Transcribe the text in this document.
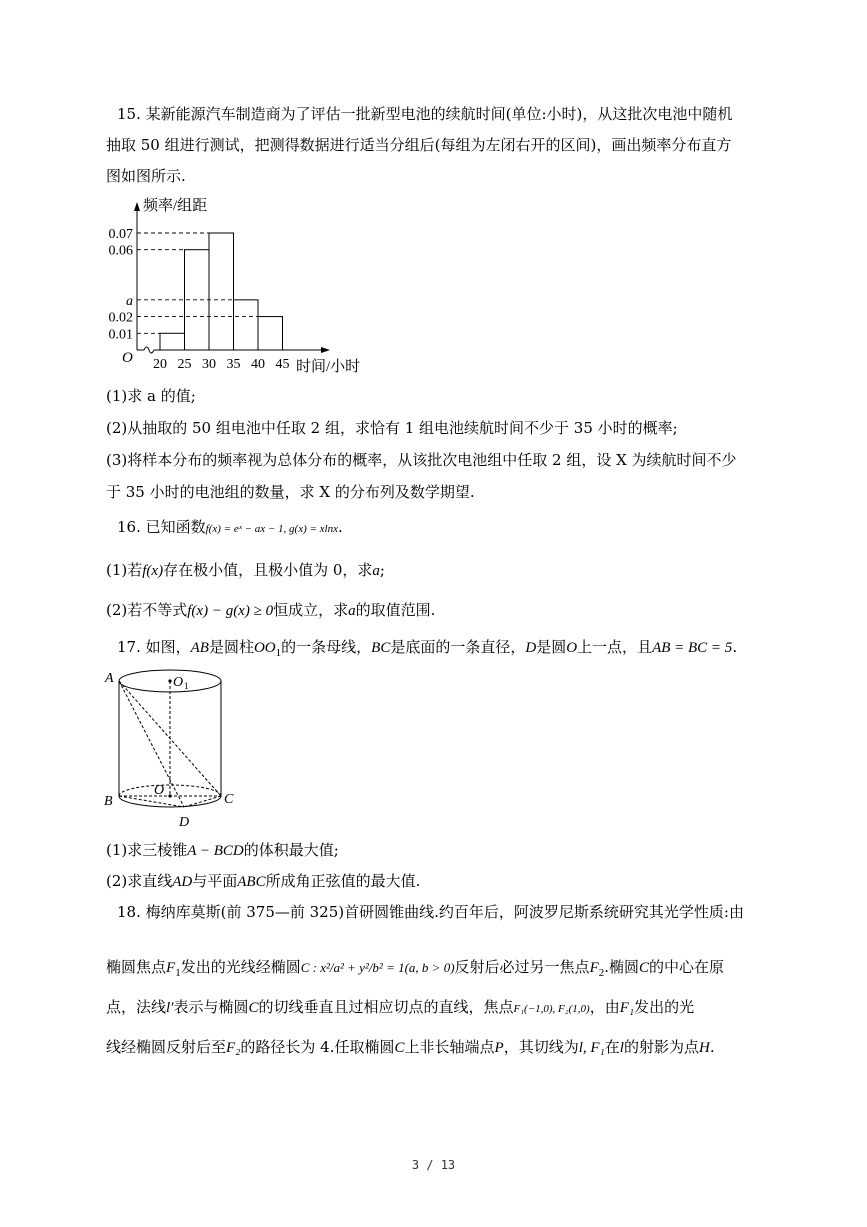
15. 某新能源汽车制造商为了评估一批新型电池的续航时间(单位:小时)，从这批次电池中随机
抽取 50 组进行测试，把测得数据进行适当分组后(每组为左闭右开的区间)，画出频率分布直方
图如图所示.
频率/组距
0.07
0.06
a
0.02
0.01
20 25 30 35 40 45
O
时间/小时
(1)求 a 的值;
(2)从抽取的 50 组电池中任取 2 组，求恰有 1 组电池续航时间不少于 35 小时的概率;
(3)将样本分布的频率视为总体分布的概率，从该批次电池组中任取 2 组，设 X 为续航时间不少
于 35 小时的电池组的数量，求 X 的分布列及数学期望.
16. 已知函数f(x) = eˣ − ax − 1, g(x) = xlnx.
(1)若f(x)存在极小值，且极小值为 0，求a;
(2)若不等式f(x) − g(x) ≥ 0恒成立，求a的取值范围.
17. 如图，AB是圆柱$OO_1$的一条母线，BC是底面的一条直径，D是圆O上一点，且AB = BC = 5.
A	O 1
B	C
O
D
(1)求三棱锥A − BCD的体积最大值;
(2)求直线AD与平面ABC所成角正弦值的最大值.
18. 梅纳库莫斯(前 375—前 325)首研圆锥曲线.约百年后，阿波罗尼斯系统研究其光学性质:由
椭圆焦点$F_1$发出的光线经椭圆C : x²/a² + y²/b² = 1(a, b > 0)反射后必过另一焦点$F_2$.椭圆C的中心在原
点，法线l′表示与椭圆C的切线垂直且过相应切点的直线，焦点F₁(−1,0), F₂(1,0)，由F₁发出的光
线经椭圆反射后至F₂的路径长为 4.任取椭圆C上非长轴端点P，其切线为l, F₁在l的射影为点H.
3 / 13
